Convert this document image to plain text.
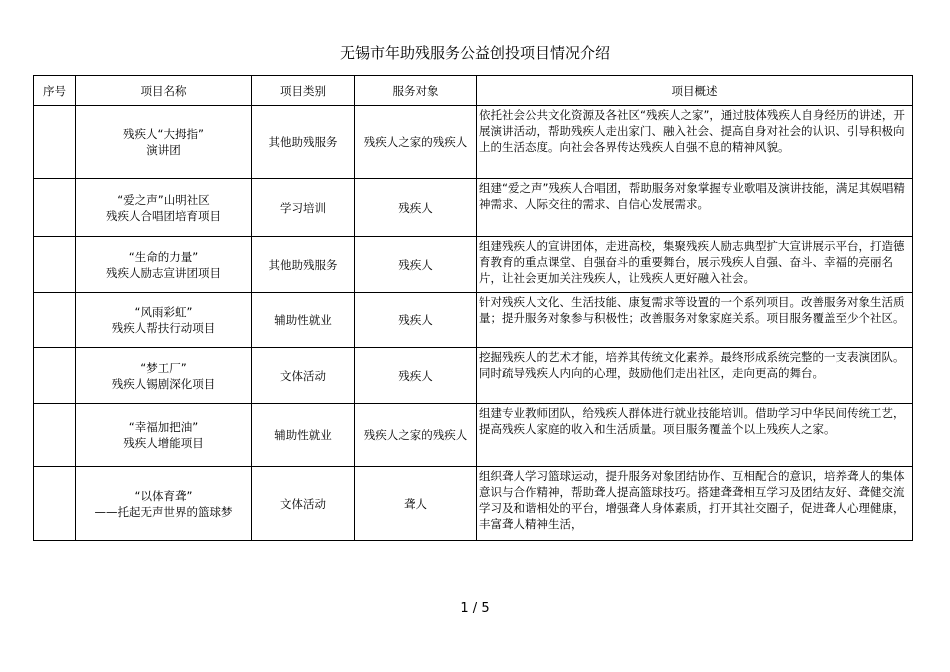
无锡市年助残服务公益创投项目情况介绍
序号	项目名称	项目类别	服务对象	项目概述

	残疾人“大拇指”
演讲团	其他助残服务	残疾人之家的残疾人	依托社会公共文化资源及各社区“残疾人之家”，通过肢体残疾人自身经历的讲述，开展演讲活动，帮助残疾人走出家门、融入社会、提高自身对社会的认识、引导积极向上的生活态度。向社会各界传达残疾人自强不息的精神风貌。

	“爱之声”山明社区
残疾人合唱团培育项目	学习培训	残疾人	组建“爱之声”残疾人合唱团，帮助服务对象掌握专业歌唱及演讲技能，满足其娱唱精神需求、人际交往的需求、自信心发展需求。

	“生命的力量”
残疾人励志宣讲团项目	其他助残服务	残疾人	组建残疾人的宣讲团体，走进高校，集聚残疾人励志典型扩大宣讲展示平台，打造德育教育的重点课堂、自强奋斗的重要舞台，展示残疾人自强、奋斗、幸福的亮丽名片，让社会更加关注残疾人，让残疾人更好融入社会。

	“风雨彩虹”
残疾人帮扶行动项目	辅助性就业	残疾人	针对残疾人文化、生活技能、康复需求等设置的一个系列项目。改善服务对象生活质量；提升服务对象参与积极性；改善服务对象家庭关系。项目服务覆盖至少个社区。

	“梦工厂”
残疾人锡剧深化项目	文体活动	残疾人	挖掘残疾人的艺术才能，培养其传统文化素养。最终形成系统完整的一支表演团队。同时疏导残疾人内向的心理，鼓励他们走出社区，走向更高的舞台。

	“幸福加把油”
残疾人增能项目	辅助性就业	残疾人之家的残疾人	组建专业教师团队，给残疾人群体进行就业技能培训。借助学习中华民间传统工艺，提高残疾人家庭的收入和生活质量。项目服务覆盖个以上残疾人之家。

	“以体育聋”
——托起无声世界的篮球梦	文体活动	聋人	组织聋人学习篮球运动，提升服务对象团结协作、互相配合的意识，培养聋人的集体意识与合作精神，帮助聋人提高篮球技巧。搭建聋聋相互学习及团结友好、聋健交流学习及和谐相处的平台，增强聋人身体素质，打开其社交圈子，促进聋人心理健康，丰富聋人精神生活，
1 / 5
